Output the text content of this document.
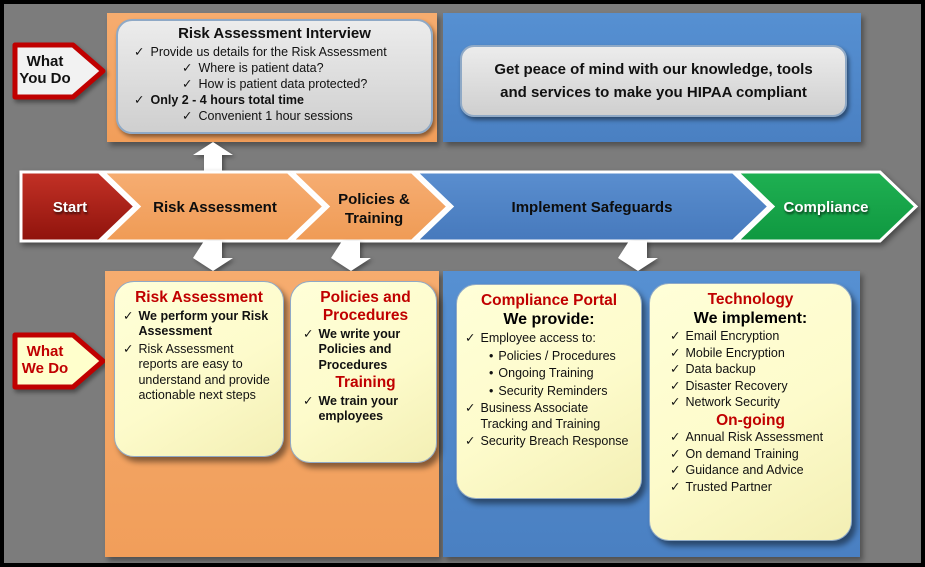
Risk Assessment Interview
✓ Provide us details for the Risk Assessment
✓ Where is patient data?
✓ How is patient data protected?
✓ Only 2 - 4 hours total time
✓ Convenient 1 hour sessions
Get peace of mind with our knowledge, tools and services to make you HIPAA compliant
What
You Do
What
We Do
Start	Risk Assessment	Policies &
Training
Implement Safeguards	Compliance
Risk Assessment
✓ We perform your Risk Assessment
✓ Risk Assessment reports are easy to understand and provide actionable next steps
Policies and Procedures
✓ We write your Policies and Procedures
Training
✓ We train your employees
Compliance Portal
We provide:
✓ Employee access to:
• Policies / Procedures
• Ongoing Training
• Security Reminders
✓ Business Associate Tracking and Training
✓ Security Breach Response
Technology
We implement:
✓ Email Encryption
✓ Mobile Encryption
✓ Data backup
✓ Disaster Recovery
✓ Network Security
On-going
✓ Annual Risk Assessment
✓ On demand Training
✓ Guidance and Advice
✓ Trusted Partner
